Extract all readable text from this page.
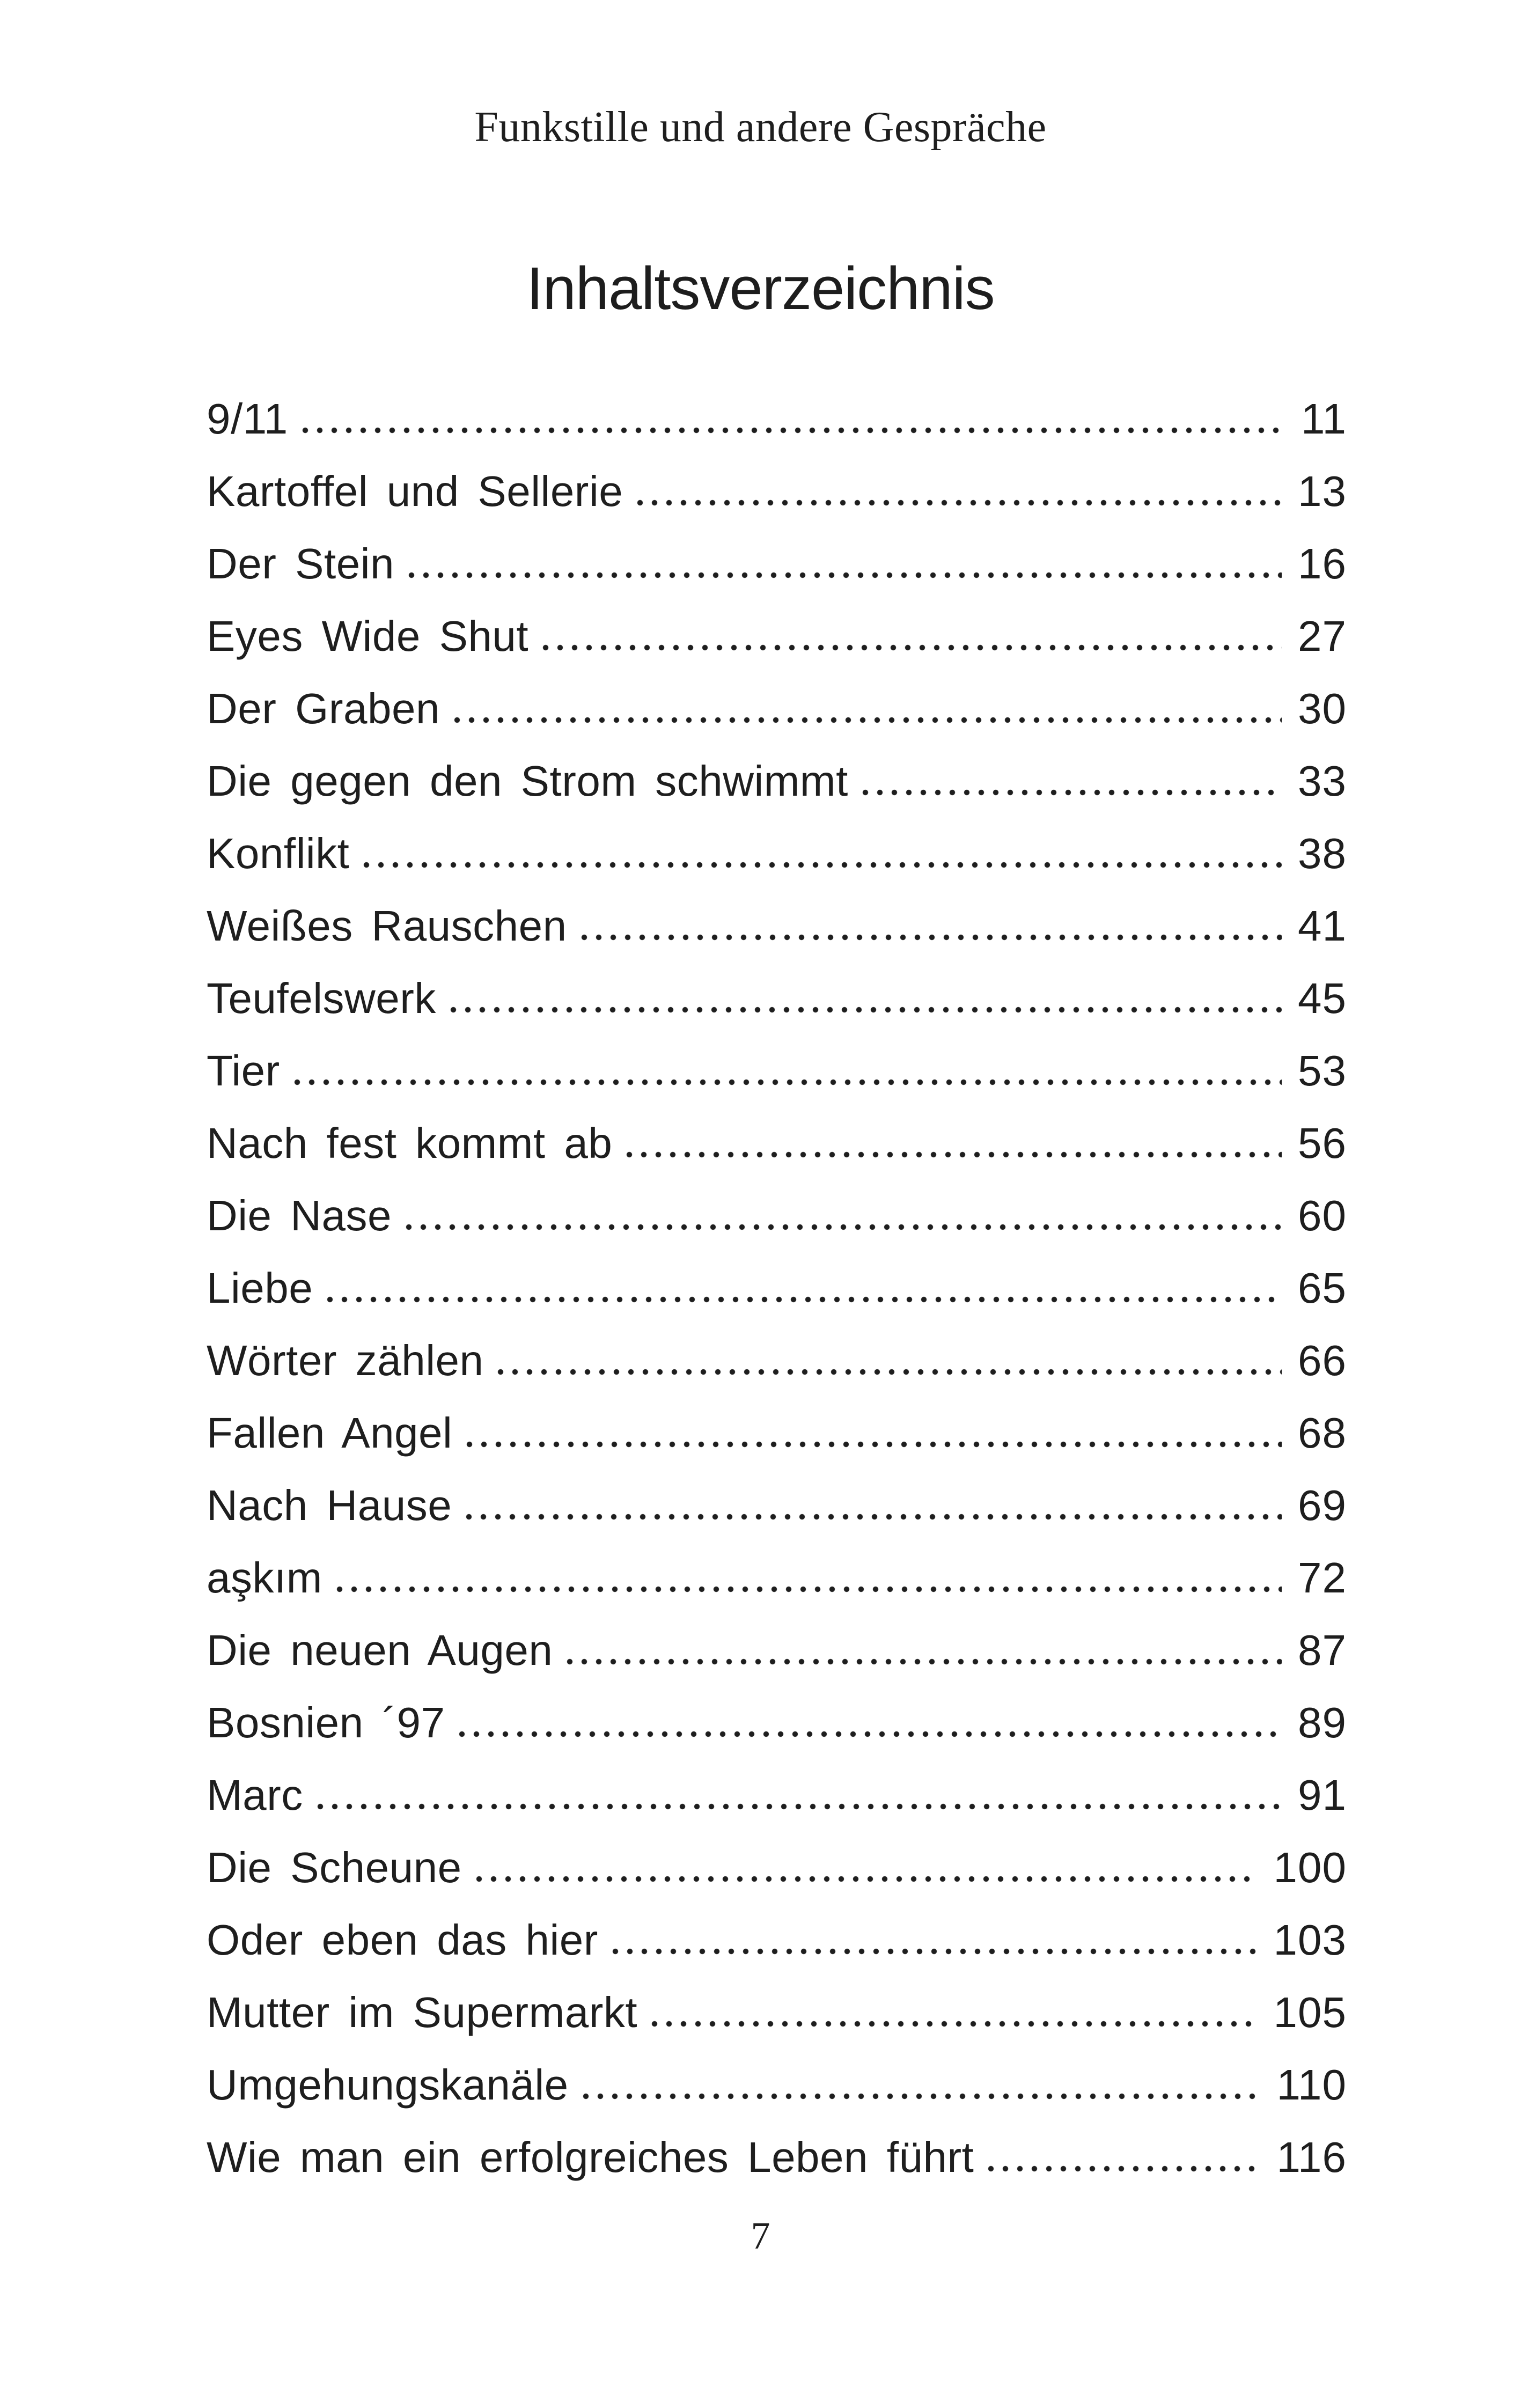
Funkstille und andere Gespräche
Inhaltsverzeichnis
9/11	11
Kartoffel und Sellerie	13
Der Stein	16
Eyes Wide Shut	27
Der Graben	30
Die gegen den Strom schwimmt	33
Konflikt	38
Weißes Rauschen	41
Teufelswerk	45
Tier	53
Nach fest kommt ab	56
Die Nase	60
Liebe	65
Wörter zählen	66
Fallen Angel	68
Nach Hause	69
aşkım	72
Die neuen Augen	87
Bosnien ´97	89
Marc	91
Die Scheune	100
Oder eben das hier	103
Mutter im Supermarkt	105
Umgehungskanäle	110
Wie man ein erfolgreiches Leben führt	116
7
